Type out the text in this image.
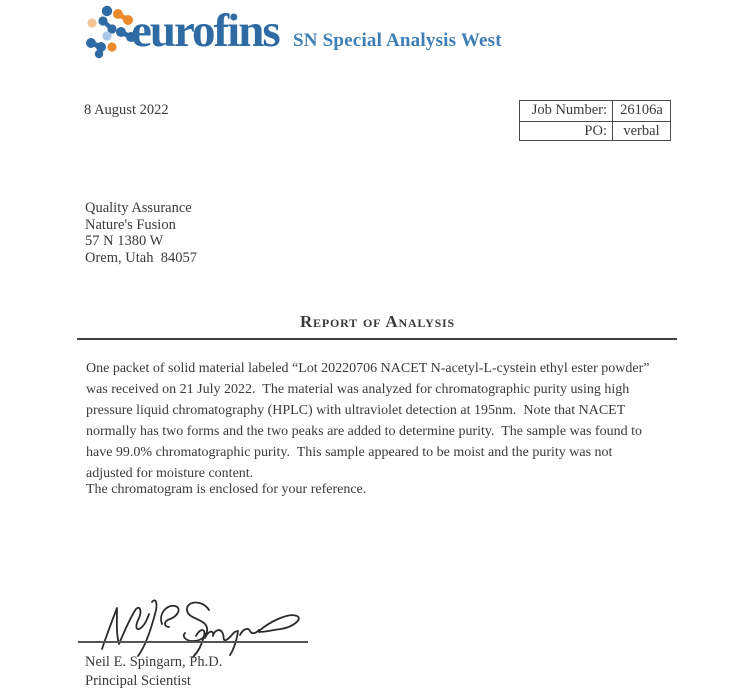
eurofins SN Special Analysis West
8 August 2022	Job Number: 26106a
PO:	verbal
Quality Assurance
Nature's Fusion
57 N 1380 W
Orem, Utah  84057
Report of Analysis
One packet of solid material labeled “Lot 20220706 NACET N-acetyl-L-cystein ethyl ester powder”
was received on 21 July 2022.  The material was analyzed for chromatographic purity using high
pressure liquid chromatography (HPLC) with ultraviolet detection at 195nm.  Note that NACET
normally has two forms and the two peaks are added to determine purity.  The sample was found to
have 99.0% chromatographic purity.  This sample appeared to be moist and the purity was not
adjusted for moisture content.
The chromatogram is enclosed for your reference.
Neil E. Spingarn, Ph.D.
Principal Scientist
